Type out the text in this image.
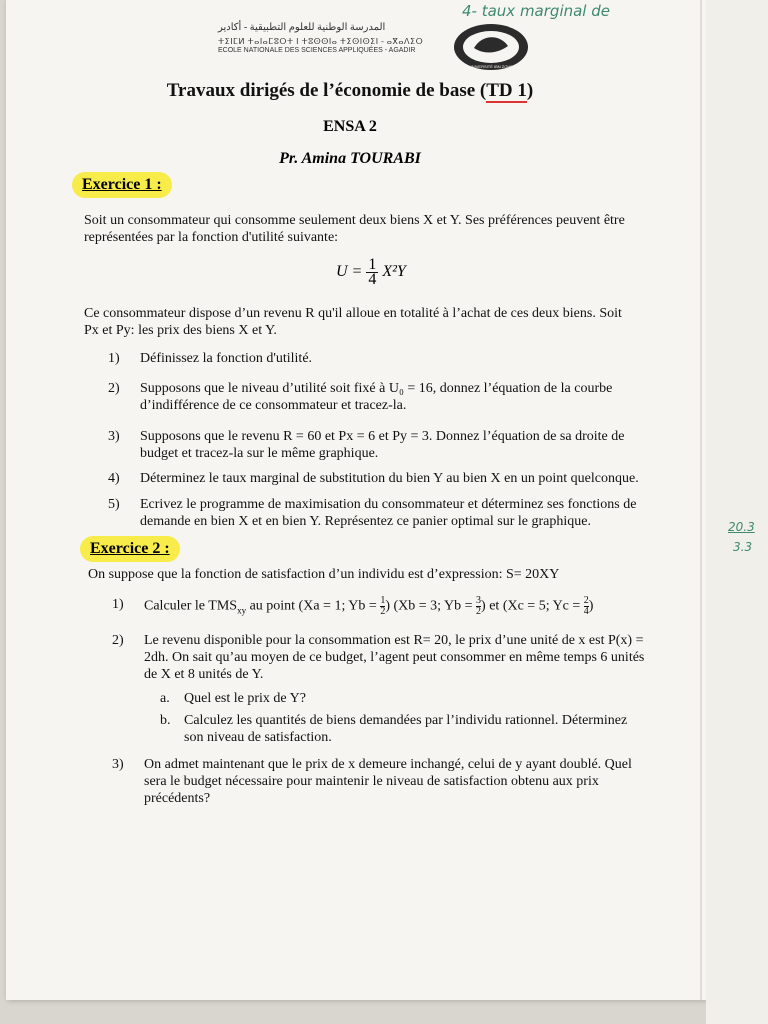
4- taux marginal de
20.3
3.3
المدرسة الوطنية للعلوم التطبيقية - أكادير
ⵜⵉⵏⵎⵍ ⵜⴰⵏⴰⵎⵓⵔⵜ ⵏ ⵜⵓⵙⵙⵏⴰ ⵜⵉⵙⵏⵙⵉⵏ - ⴰⴳⴰⴷⵉⵔ
ECOLE NATIONALE DES SCIENCES APPLIQUÉES - AGADIR
UNIVERSITÉ IBN ZOHR
Travaux dirigés de l’économie de base (TD 1)
ENSA 2
Pr. Amina TOURABI
Exercice 1 :
Soit un consommateur qui consomme seulement deux biens X et Y. Ses préférences peuvent être
représentées par la fonction d'utilité suivante:
$U = \frac{1}{4} X^2Y$
Ce consommateur dispose d’un revenu R qu'il alloue en totalité à l’achat de ces deux biens. Soit
Px et Py: les prix des biens X et Y.
1)	Définissez la fonction d'utilité.
2)	Supposons que le niveau d’utilité soit fixé à U₀ = 16, donnez l’équation de la courbe
d’indifférence de ce consommateur et tracez-la.
3)	Supposons que le revenu R = 60 et Px = 6 et Py = 3. Donnez l’équation de sa droite de
budget et tracez-la sur le même graphique.
4)	Déterminez le taux marginal de substitution du bien Y au bien X en un point quelconque.
5)	Ecrivez le programme de maximisation du consommateur et déterminez ses fonctions de
demande en bien X et en bien Y. Représentez ce panier optimal sur le graphique.
Exercice 2 :
On suppose que la fonction de satisfaction d’un individu est d’expression: S= 20XY
1)	Calculer le $TMS_{xy}$ au point (Xa = 1; $Yb = \frac{1}{2}$ ) (Xb = 3; $Yb = \frac{3}{2}$ ) et (Xc = 5; $Yc = \frac{2}{4}$ )
2)	Le revenu disponible pour la consommation est R= 20, le prix d’une unité de x est P(x) =
2dh. On sait qu’au moyen de ce budget, l’agent peut consommer en même temps 6 unités
de X et 8 unités de Y.
a.	Quel est le prix de Y?
b. Calculez les quantités de biens demandées par l’individu rationnel. Déterminez
son niveau de satisfaction.
3)	On admet maintenant que le prix de x demeure inchangé, celui de y ayant doublé. Quel
sera le budget nécessaire pour maintenir le niveau de satisfaction obtenu aux prix
précédents?
